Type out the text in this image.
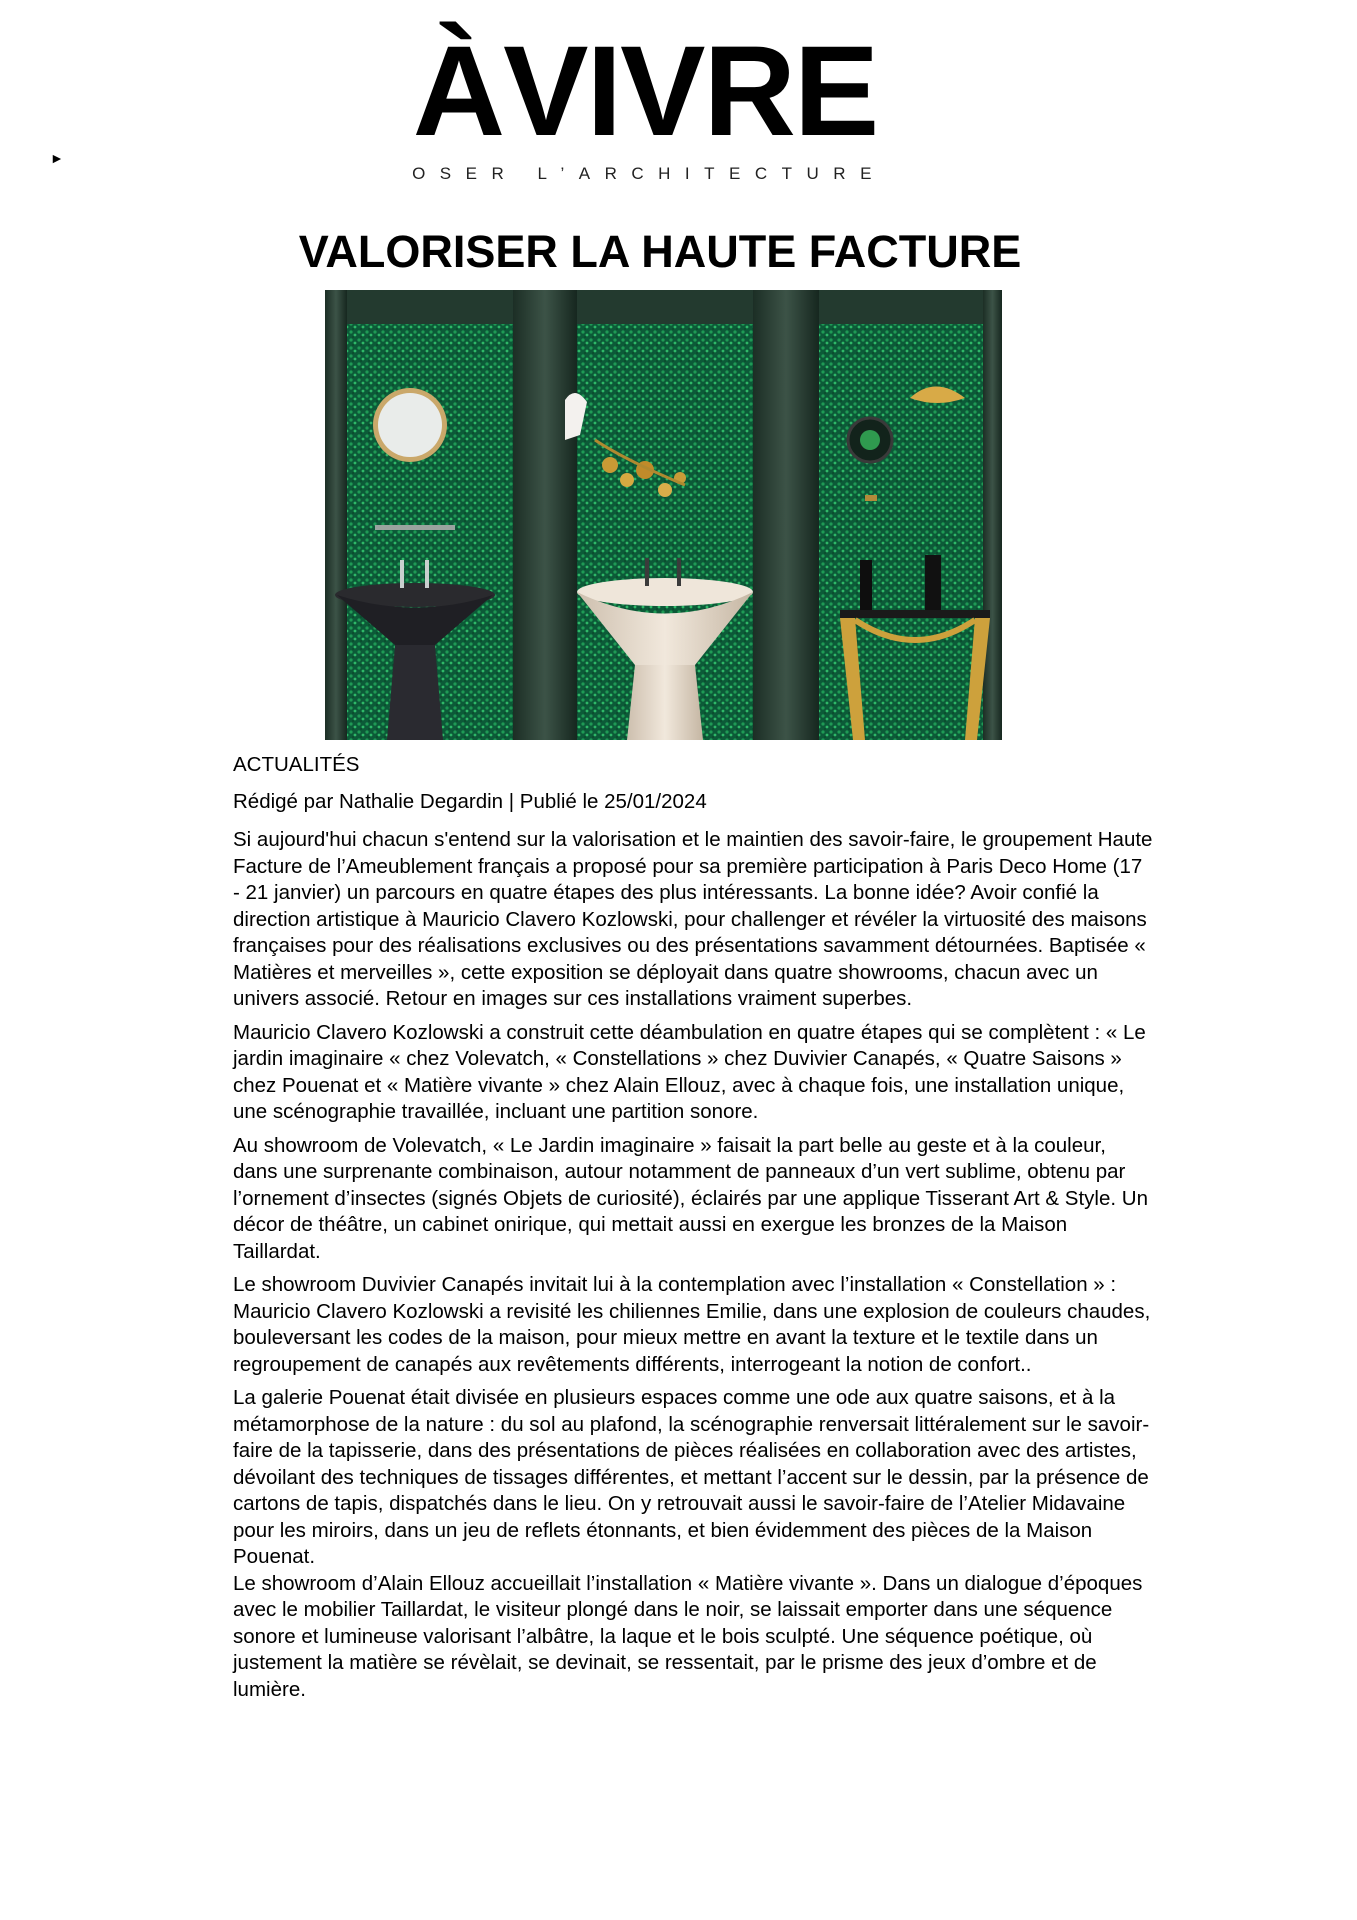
►	ÀVIVRE
OSER L’ARCHITECTURE
VALORISER LA HAUTE FACTURE

ACTUALITÉS

Rédigé par Nathalie Degardin | Publié le 25/01/2024

Si aujourd'hui chacun s'entend sur la valorisation et le maintien des savoir-faire, le groupement Haute Facture de l’Ameublement français a proposé pour sa première participation à Paris Deco Home (17 - 21 janvier) un parcours en quatre étapes des plus intéressants. La bonne idée? Avoir confié la direction artistique à Mauricio Clavero Kozlowski, pour challenger et révéler la virtuosité des maisons françaises pour des réalisations exclusives ou des présentations savamment détournées. Baptisée « Matières et merveilles », cette exposition se déployait dans quatre showrooms, chacun avec un univers associé. Retour en images sur ces installations vraiment superbes.

Mauricio Clavero Kozlowski a construit cette déambulation en quatre étapes qui se complètent : « Le jardin imaginaire « chez Volevatch, « Constellations » chez Duvivier Canapés, « Quatre Saisons » chez Pouenat et « Matière vivante » chez Alain Ellouz, avec à chaque fois, une installation unique, une scénographie travaillée, incluant une partition sonore.

Au showroom de Volevatch, « Le Jardin imaginaire » faisait la part belle au geste et à la couleur, dans une surprenante combinaison, autour notamment de panneaux d’un vert sublime, obtenu par l’ornement d’insectes (signés Objets de curiosité), éclairés par une applique Tisserant Art & Style. Un décor de théâtre, un cabinet onirique, qui mettait aussi en exergue les bronzes de la Maison Taillardat.

Le showroom Duvivier Canapés invitait lui à la contemplation avec l’installation « Constellation » : Mauricio Clavero Kozlowski a revisité les chiliennes Emilie, dans une explosion de couleurs chaudes, bouleversant les codes de la maison, pour mieux mettre en avant la texture et le textile dans un regroupement de canapés aux revêtements différents, interrogeant la notion de confort..

La galerie Pouenat était divisée en plusieurs espaces comme une ode aux quatre saisons, et à la métamorphose de la nature : du sol au plafond, la scénographie renversait littéralement sur le savoir-faire de la tapisserie, dans des présentations de pièces réalisées en collaboration avec des artistes, dévoilant des techniques de tissages différentes, et mettant l’accent sur le dessin, par la présence de cartons de tapis, dispatchés dans le lieu. On y retrouvait aussi le savoir-faire de l’Atelier Midavaine pour les miroirs, dans un jeu de reflets étonnants, et bien évidemment des pièces de la Maison Pouenat.

Le showroom d’Alain Ellouz accueillait l’installation « Matière vivante ». Dans un dialogue d’époques avec le mobilier Taillardat, le visiteur plongé dans le noir, se laissait emporter dans une séquence sonore et lumineuse valorisant l’albâtre, la laque et le bois sculpté. Une séquence poétique, où justement la matière se révèlait, se devinait, se ressentait, par le prisme des jeux d’ombre et de lumière.
